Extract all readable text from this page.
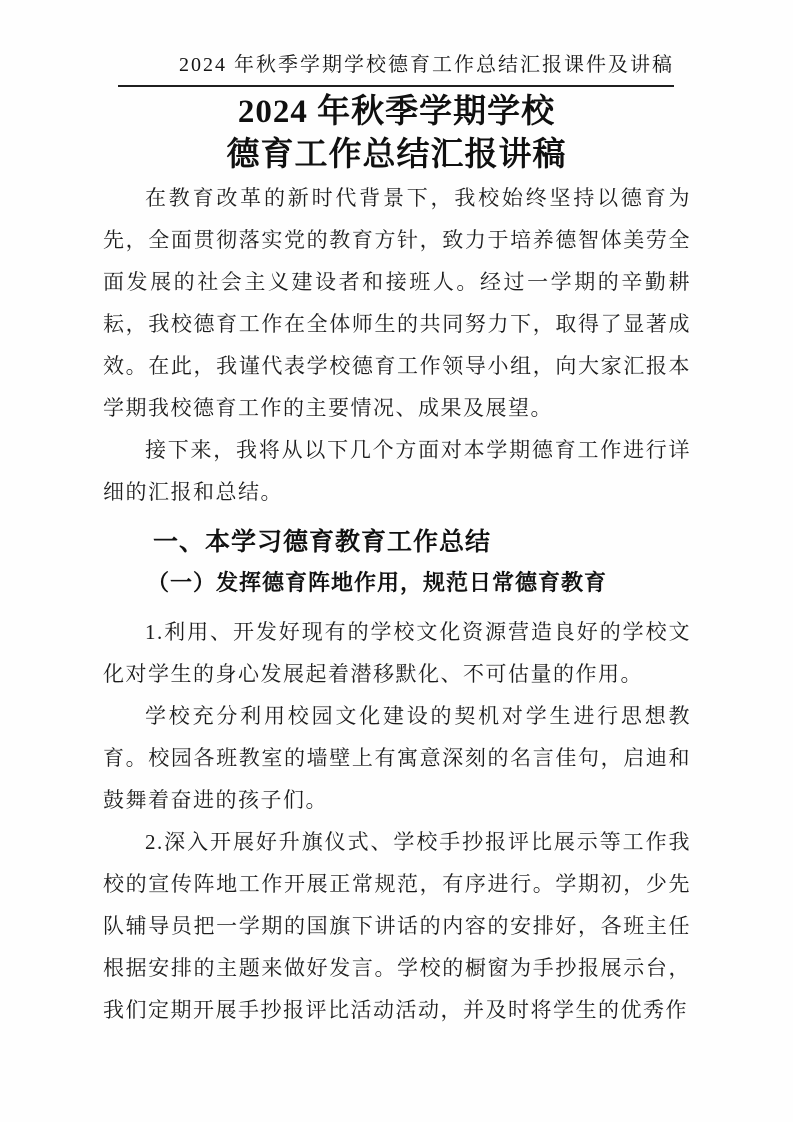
2024 年秋季学期学校德育工作总结汇报课件及讲稿
2024 年秋季学期学校
德育工作总结汇报讲稿

在教育改革的新时代背景下，我校始终坚持以德育为先，全面贯彻落实党的教育方针，致力于培养德智体美劳全面发展的社会主义建设者和接班人。经过一学期的辛勤耕耘，我校德育工作在全体师生的共同努力下，取得了显著成效。在此，我谨代表学校德育工作领导小组，向大家汇报本学期我校德育工作的主要情况、成果及展望。

接下来，我将从以下几个方面对本学期德育工作进行详细的汇报和总结。

一、本学习德育教育工作总结
（一）发挥德育阵地作用，规范日常德育教育

1.利用、开发好现有的学校文化资源营造良好的学校文化对学生的身心发展起着潜移默化、不可估量的作用。

学校充分利用校园文化建设的契机对学生进行思想教育。校园各班教室的墙壁上有寓意深刻的名言佳句，启迪和鼓舞着奋进的孩子们。

2.深入开展好升旗仪式、学校手抄报评比展示等工作我校的宣传阵地工作开展正常规范，有序进行。学期初，少先队辅导员把一学期的国旗下讲话的内容的安排好，各班主任根据安排的主题来做好发言。学校的橱窗为手抄报展示台，我们定期开展手抄报评比活动活动，并及时将学生的优秀作
